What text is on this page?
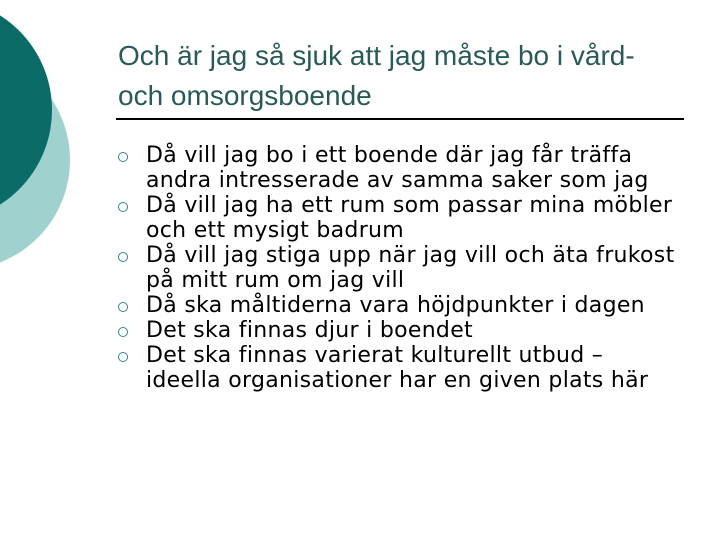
Och är jag så sjuk att jag måste bo i vård- och omsorgsboende
Då vill jag bo i ett boende där jag får träffa andra intresserade av samma saker som jag
Då vill jag ha ett rum som passar mina möbler och ett mysigt badrum
Då vill jag stiga upp när jag vill och äta frukost på mitt rum om jag vill
Då ska måltiderna vara höjdpunkter i dagen
Det ska finnas djur i boendet
Det ska finnas varierat kulturellt utbud – ideella organisationer har en given plats här
